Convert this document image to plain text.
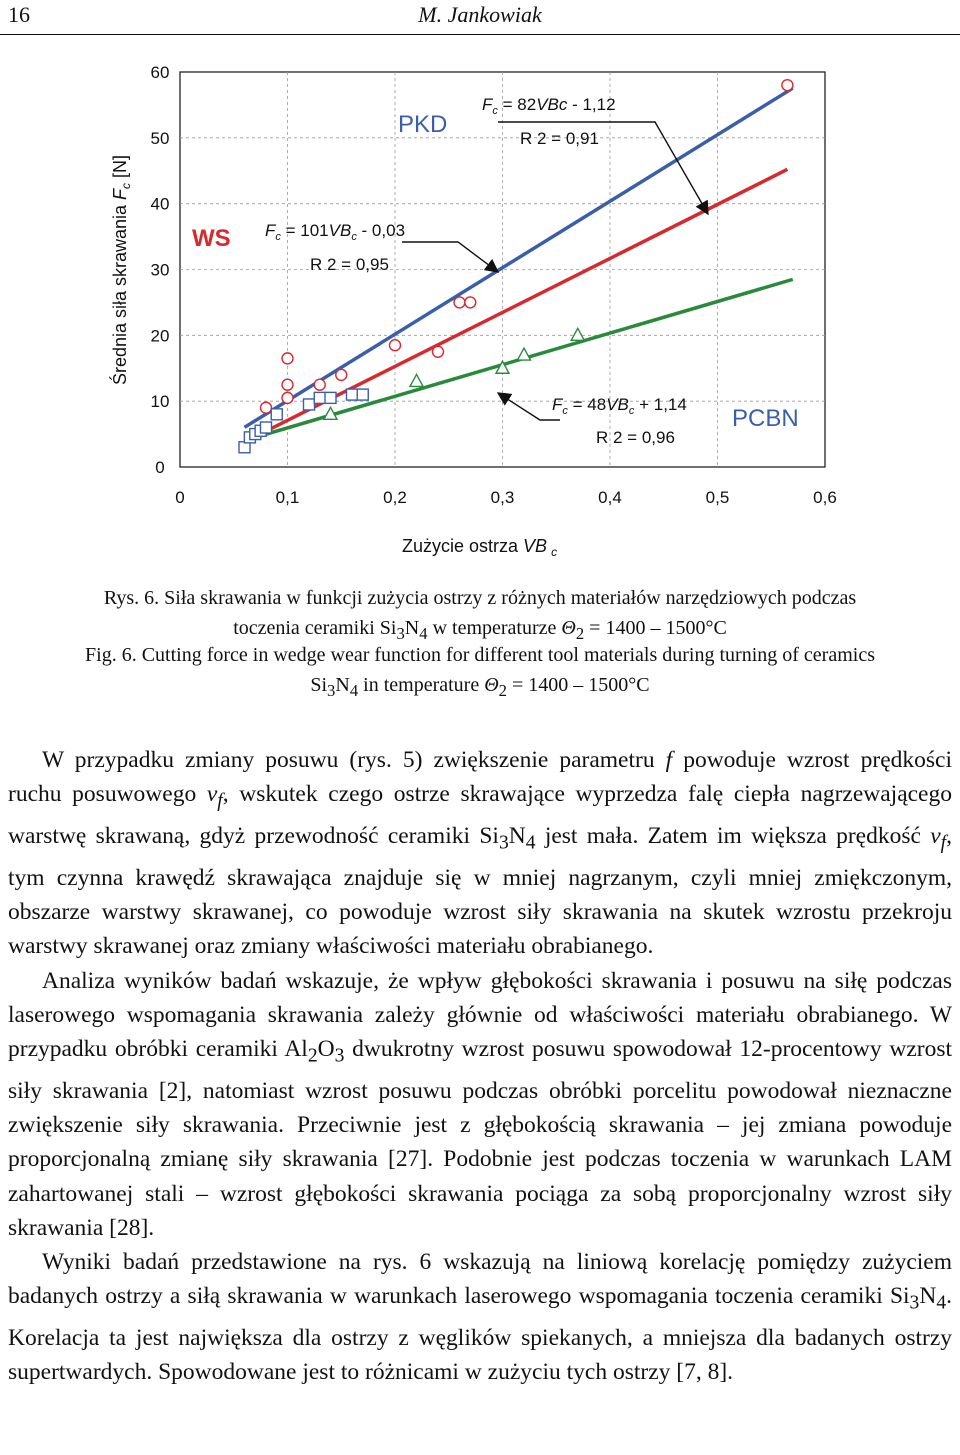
16	M. Jankowiak
0
10
20
30
40
50
60
0	0,1	0,2	0,3	0,4	0,5	0,6
Średnia siła skrawania $F_c$ [N]
Zużycie ostrza VB $_c$
WS
PKD
PCBN
$F_c = 82VBc - 1,12$
R 2 = 0,91
$F_c = 101VB_c - 0,03$
R 2 = 0,95
$F_c = 48VB_c + 1,14$
R 2 = 0,96
Rys. 6. Siła skrawania w funkcji zużycia ostrzy z różnych materiałów narzędziowych podczas
toczenia ceramiki $Si_3N_4$ w temperaturze $\Theta_2 = 1400 - 1500^\circ C$
Fig. 6. Cutting force in wedge wear function for different tool materials during turning of ceramics
$Si_3N_4$ in temperature $\Theta_2 = 1400 - 1500^\circ C$

W przypadku zmiany posuwu (rys. 5) zwiększenie parametru f powoduje wzrost prędkości ruchu posuwowego $v_f$, wskutek czego ostrze skrawające wyprzedza falę ciepła nagrzewającego warstwę skrawaną, gdyż przewodność ceramiki $Si_3N_4$ jest mała. Zatem im większa prędkość $v_f$, tym czynna krawędź skrawająca znajduje się w mniej nagrzanym, czyli mniej zmiękczonym, obszarze warstwy skrawanej, co powoduje wzrost siły skrawania na skutek wzrostu przekroju warstwy skrawanej oraz zmiany właściwości materiału obrabianego.

Analiza wyników badań wskazuje, że wpływ głębokości skrawania i posuwu na siłę podczas laserowego wspomagania skrawania zależy głównie od właściwości materiału obrabianego. W przypadku obróbki ceramiki $Al_2O_3$ dwukrotny wzrost posuwu spowodował 12-procentowy wzrost siły skrawania [2], natomiast wzrost posuwu podczas obróbki porcelitu powodował nieznaczne zwiększenie siły skrawania. Przeciwnie jest z głębokością skrawania – jej zmiana powoduje proporcjonalną zmianę siły skrawania [27]. Podobnie jest podczas toczenia w warunkach LAM zahartowanej stali – wzrost głębokości skrawania pociąga za sobą proporcjonalny wzrost siły skrawania [28].

Wyniki badań przedstawione na rys. 6 wskazują na liniową korelację pomiędzy zużyciem badanych ostrzy a siłą skrawania w warunkach laserowego wspomagania toczenia ceramiki $Si_3N_4$. Korelacja ta jest największa dla ostrzy z węglików spiekanych, a mniejsza dla badanych ostrzy supertwardych. Spowodowane jest to różnicami w zużyciu tych ostrzy [7, 8].
